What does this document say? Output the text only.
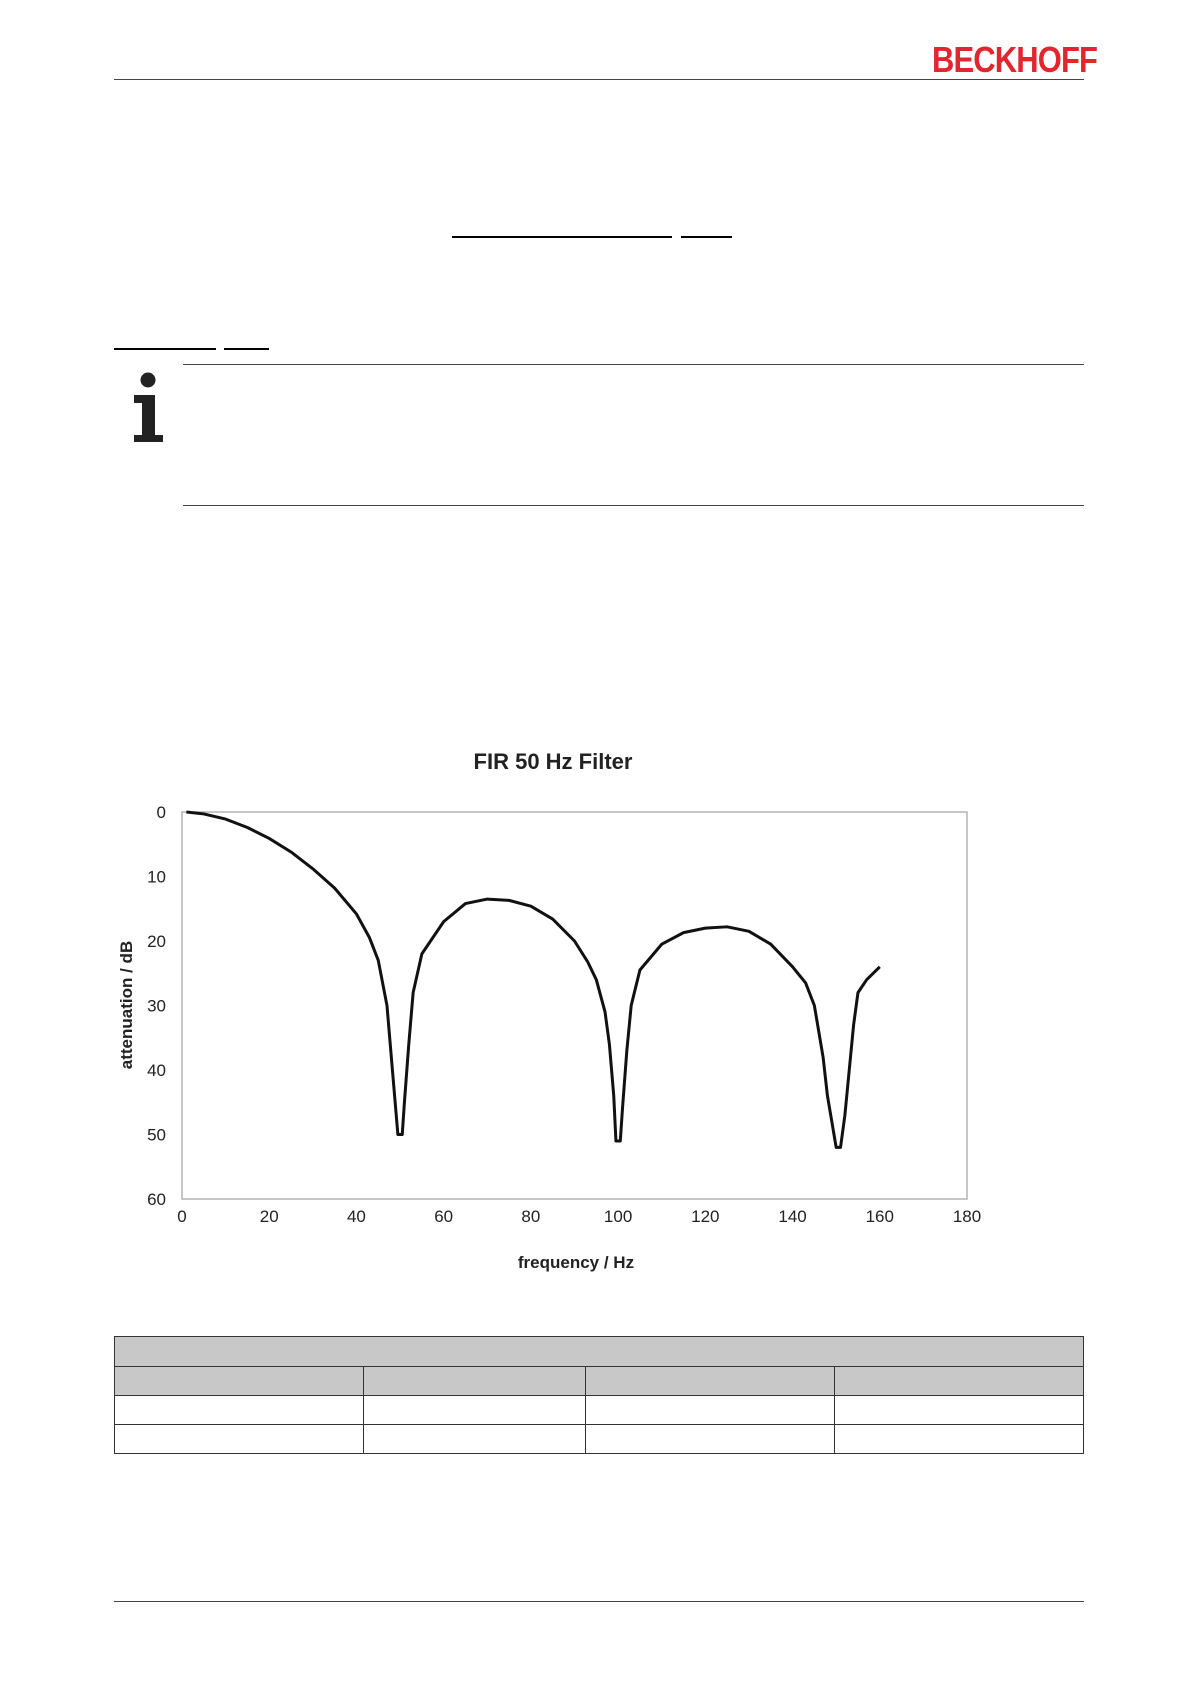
BECKHOFF
FIR 50 Hz Filter
0	20	40	60	80	100	120	140	160	180
0
10
20
30
40
50
60
frequency / Hz
attenuation / dB
